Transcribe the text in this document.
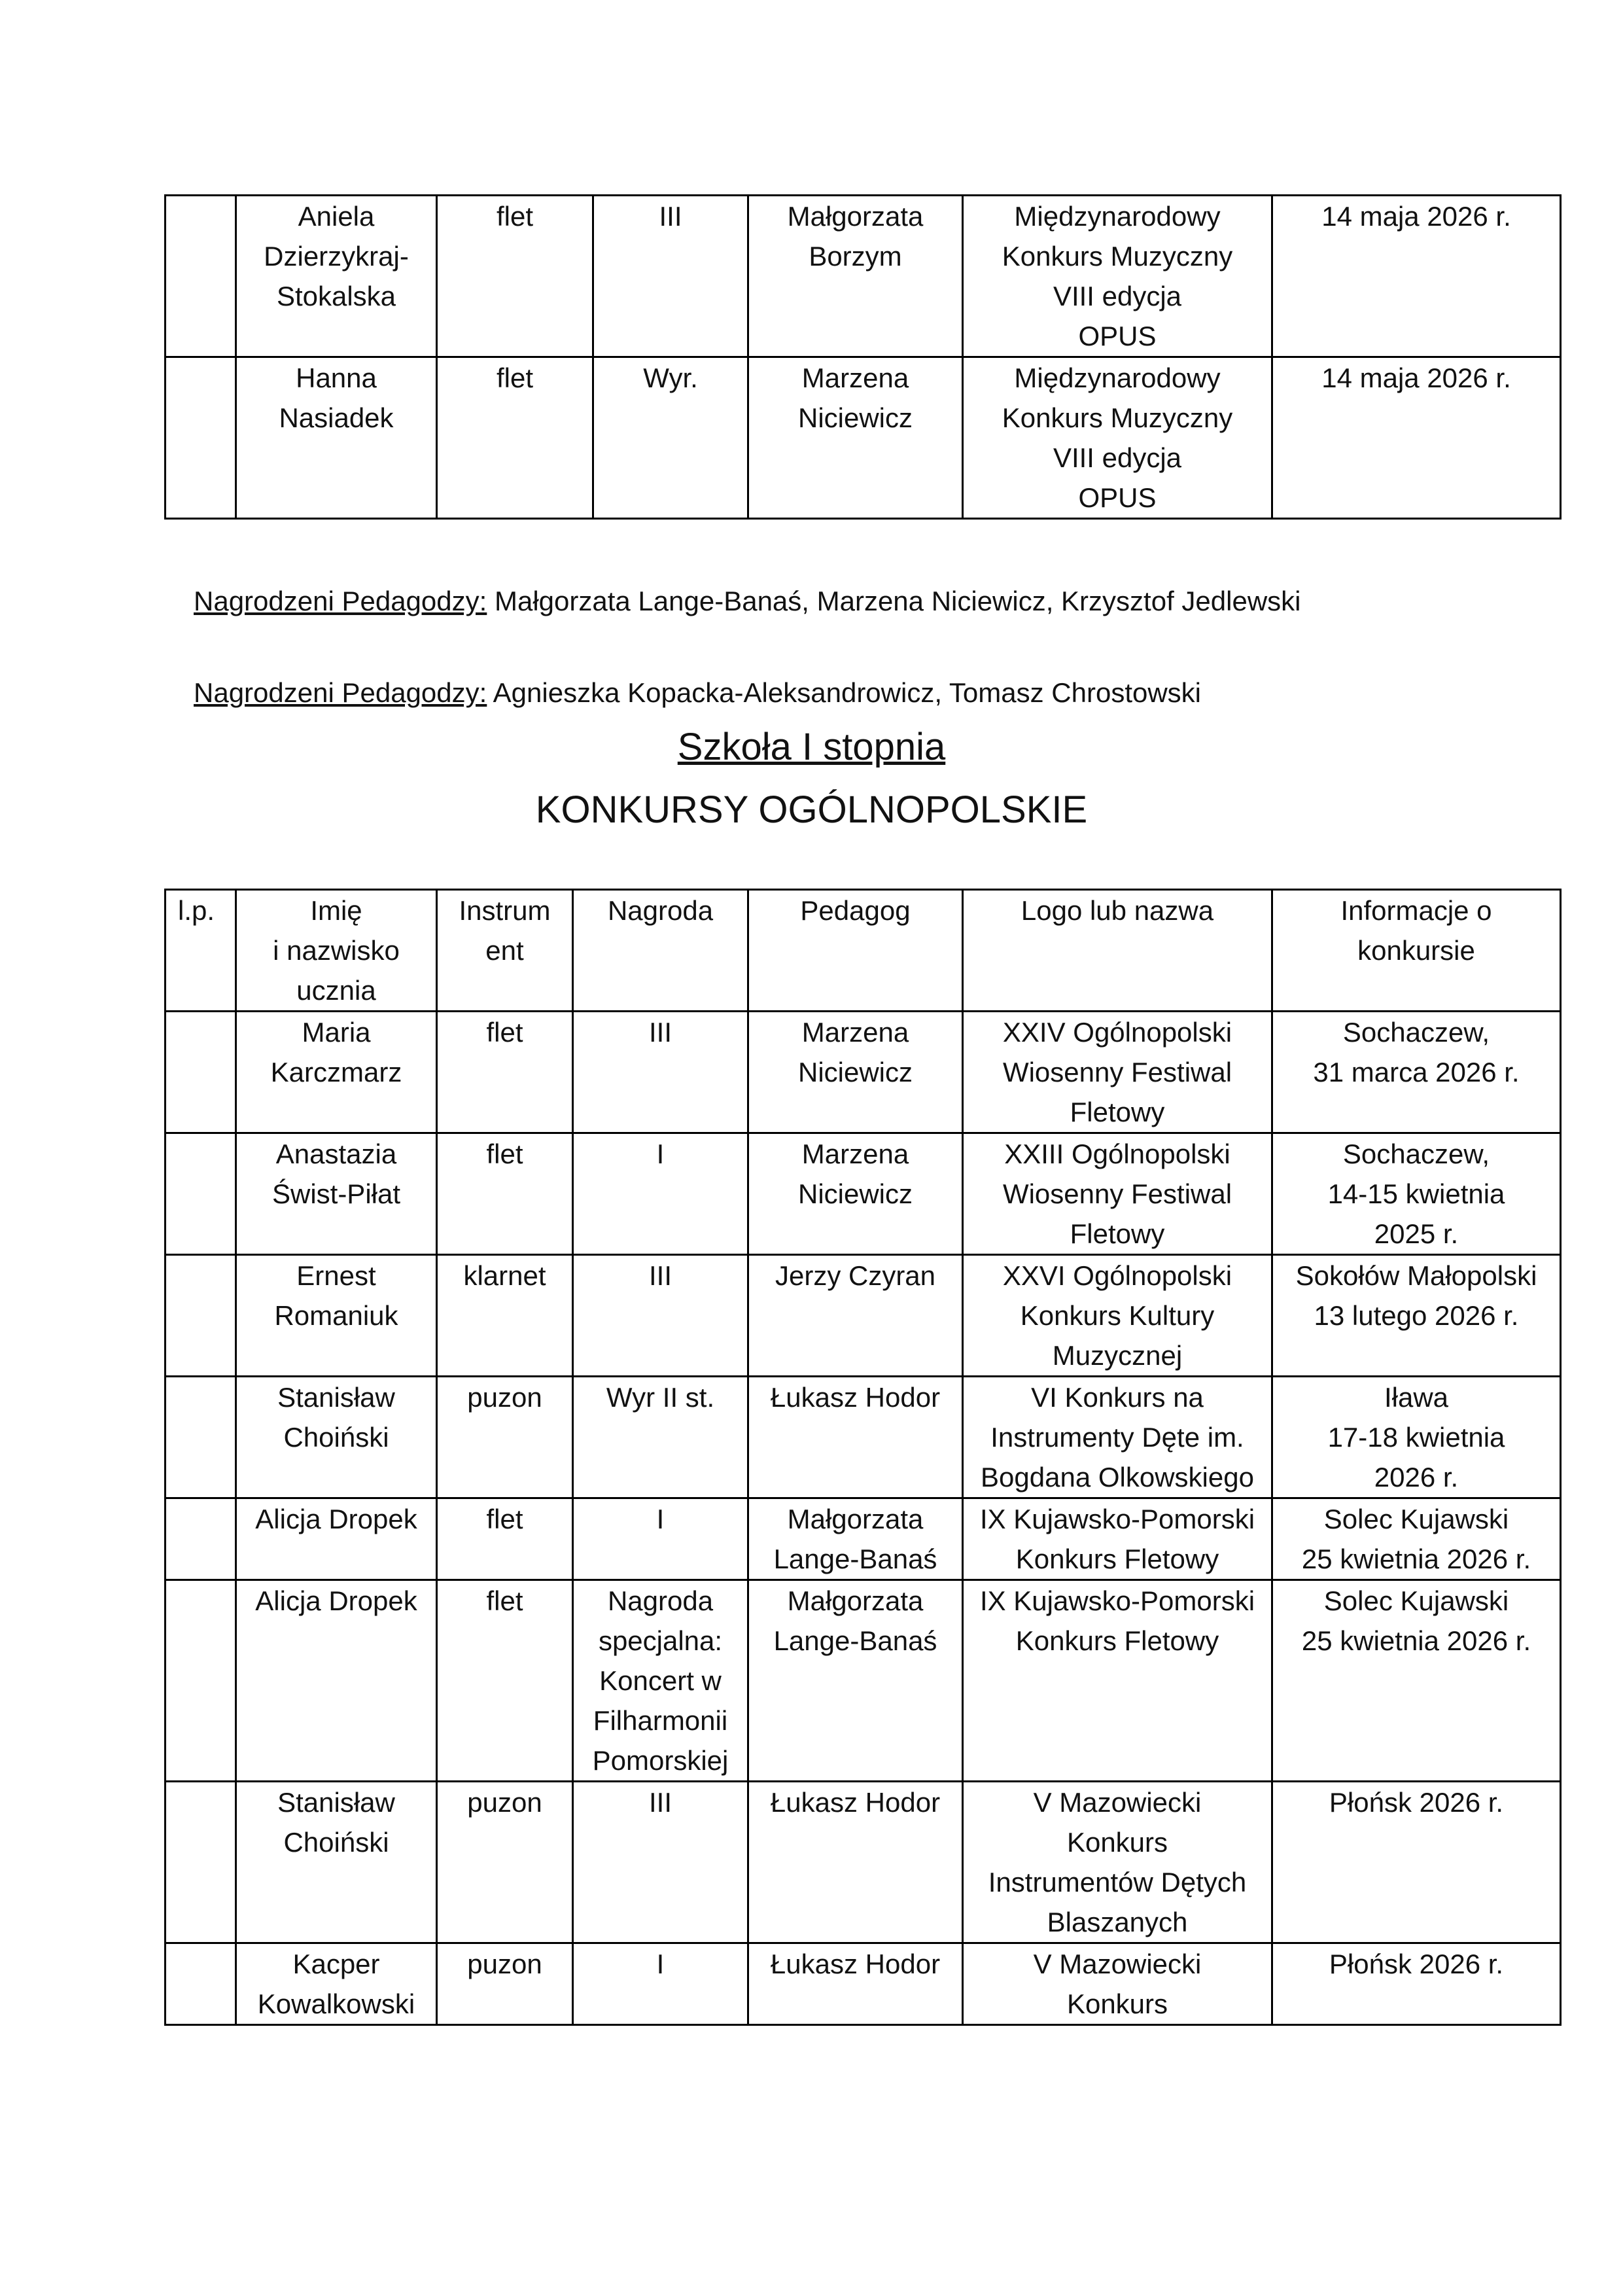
	Aniela
Dzierzykraj-
Stokalska	flet	III	Małgorzata
Borzym	Międzynarodowy
Konkurs Muzyczny
VIII edycja
OPUS	14 maja 2026 r.

	Hanna
Nasiadek	flet	Wyr.	Marzena
Niciewicz	Międzynarodowy
Konkurs Muzyczny
VIII edycja
OPUS	14 maja 2026 r.
Nagrodzeni Pedagodzy: Małgorzata Lange-Banaś, Marzena Niciewicz, Krzysztof Jedlewski
Nagrodzeni Pedagodzy: Agnieszka Kopacka-Aleksandrowicz, Tomasz Chrostowski
Szkoła I stopnia
KONKURSY OGÓLNOPOLSKIE
l.p.	Imię
i nazwisko
ucznia	Instrum
ent	Nagroda	Pedagog	Logo lub nazwa	Informacje o
konkursie

	Maria
Karczmarz	flet	III	Marzena
Niciewicz	XXIV Ogólnopolski
Wiosenny Festiwal
Fletowy	Sochaczew,
31 marca 2026 r.

	Anastazia
Świst-Piłat	flet	I	Marzena
Niciewicz	XXIII Ogólnopolski
Wiosenny Festiwal
Fletowy	Sochaczew,
14-15 kwietnia
2025 r.

	Ernest
Romaniuk	klarnet	III	Jerzy Czyran	XXVI Ogólnopolski
Konkurs Kultury
Muzycznej	Sokołów Małopolski
13 lutego 2026 r.

	Stanisław
Choiński	puzon	Wyr II st.	Łukasz Hodor	VI Konkurs na
Instrumenty Dęte im.
Bogdana Olkowskiego	Iława
17-18 kwietnia
2026 r.

	Alicja Dropek	flet	I	Małgorzata
Lange-Banaś	IX Kujawsko-Pomorski
Konkurs Fletowy	Solec Kujawski
25 kwietnia 2026 r.

	Alicja Dropek	flet	Nagroda
specjalna:
Koncert w
Filharmonii
Pomorskiej	Małgorzata
Lange-Banaś	IX Kujawsko-Pomorski
Konkurs Fletowy	Solec Kujawski
25 kwietnia 2026 r.

	Stanisław
Choiński	puzon	III	Łukasz Hodor	V Mazowiecki
Konkurs
Instrumentów Dętych
Blaszanych	Płońsk 2026 r.

	Kacper
Kowalkowski	puzon	I	Łukasz Hodor	V Mazowiecki
Konkurs	Płońsk 2026 r.
